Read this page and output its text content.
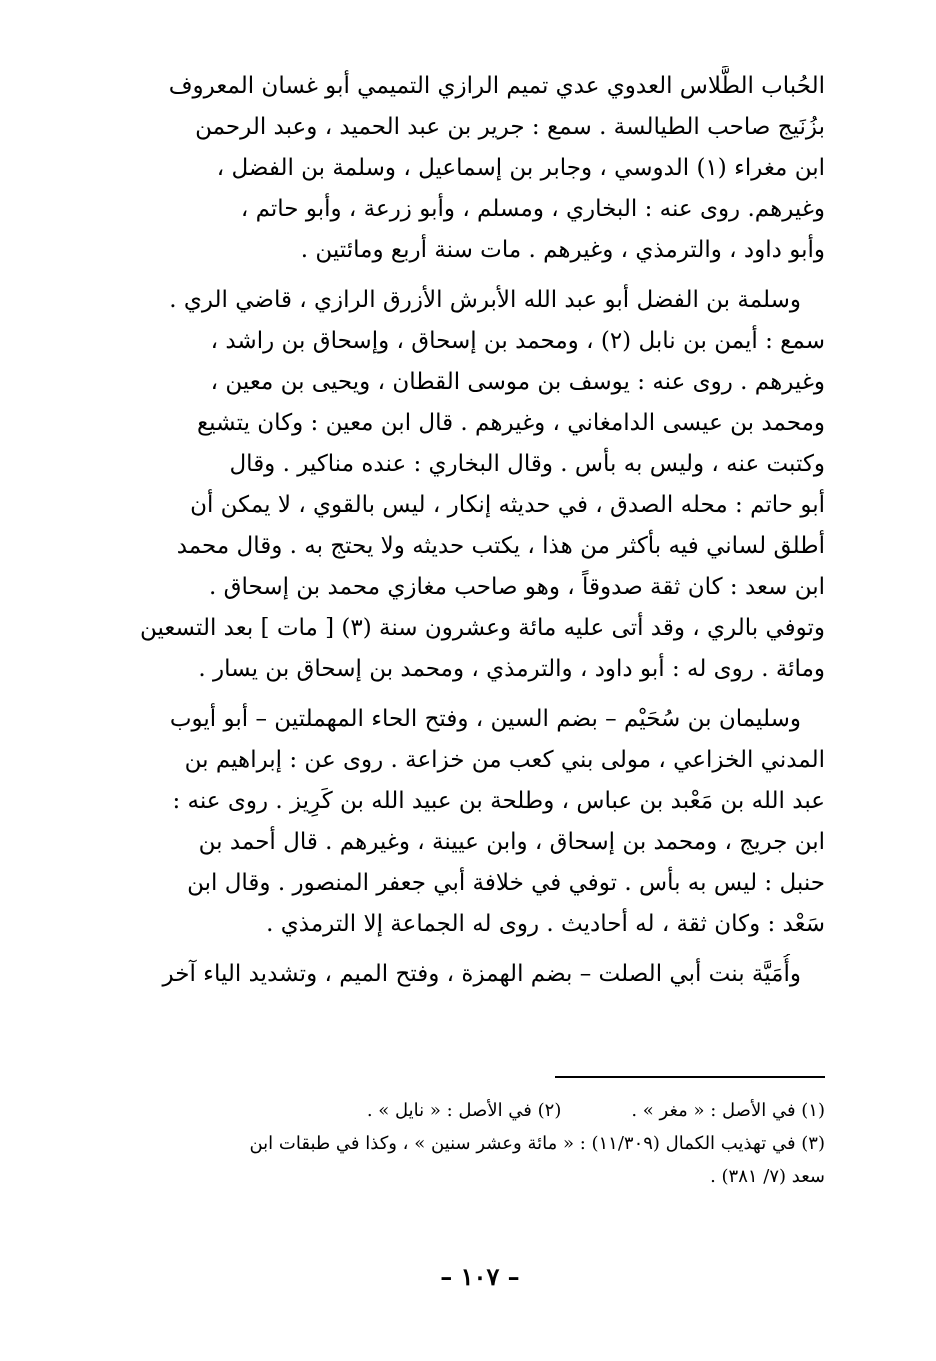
الحُباب الطَّلاس العدوي عدي تميم الرازي التميمي أبو غسان المعروف
بزُنَيج صاحب الطيالسة . سمع : جرير بن عبد الحميد ، وعبد الرحمن
ابن مغراء (١) الدوسي ، وجابر بن إسماعيل ، وسلمة بن الفضل ،
وغيرهم. روى عنه : البخاري ، ومسلم ، وأبو زرعة ، وأبو حاتم ،
وأبو داود ، والترمذي ، وغيرهم . مات سنة أربع ومائتين .
وسلمة بن الفضل أبو عبد الله الأبرش الأزرق الرازي ، قاضي الري .
سمع : أيمن بن نابل (٢) ، ومحمد بن إسحاق ، وإسحاق بن راشد ،
وغيرهم . روى عنه : يوسف بن موسى القطان ، ويحيى بن معين ،
ومحمد بن عيسى الدامغاني ، وغيرهم . قال ابن معين : وكان يتشيع
وكتبت عنه ، وليس به بأس . وقال البخاري : عنده مناكير . وقال
أبو حاتم : محله الصدق ، في حديثه إنكار ، ليس بالقوي ، لا يمكن أن
أطلق لساني فيه بأكثر من هذا ، يكتب حديثه ولا يحتج به . وقال محمد
ابن سعد : كان ثقة صدوقاً ، وهو صاحب مغازي محمد بن إسحاق .
وتوفي بالري ، وقد أتى عليه مائة وعشرون سنة (٣) [ مات ] بعد التسعين
ومائة . روى له : أبو داود ، والترمذي ، ومحمد بن إسحاق بن يسار .
وسليمان بن سُحَيْم – بضم السين ، وفتح الحاء المهملتين – أبو أيوب
المدني الخزاعي ، مولى بني كعب من خزاعة . روى عن : إبراهيم بن
عبد الله بن مَعْبد بن عباس ، وطلحة بن عبيد الله بن كَرِيز . روى عنه :
ابن جريج ، ومحمد بن إسحاق ، وابن عيينة ، وغيرهم . قال أحمد بن
حنبل : ليس به بأس . توفي في خلافة أبي جعفر المنصور . وقال ابن
سَعْد : وكان ثقة ، له أحاديث . روى له الجماعة إلا الترمذي .
وأُمَيَّة بنت أبي الصلت – بضم الهمزة ، وفتح الميم ، وتشديد الياء آخر
(١) في الأصل : « مغر » .
(٢) في الأصل : « نايل » .
(٣) في تهذيب الكمال (١١/٣٠٩) : « مائة وعشر سنين » ، وكذا في طبقات ابن
سعد (٧/ ٣٨١) .
– ١٠٧ –
